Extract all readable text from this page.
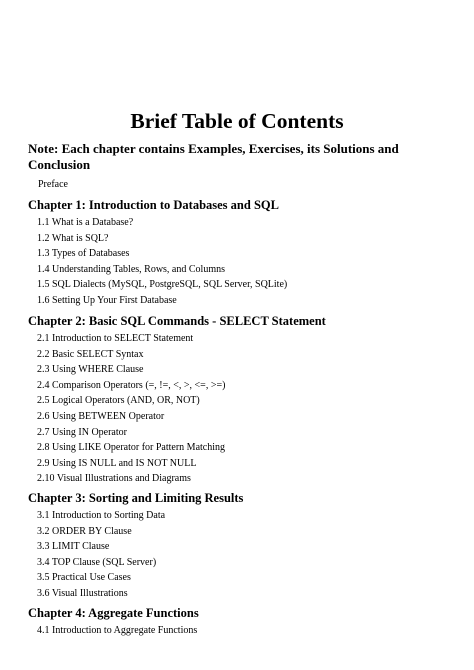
Brief Table of Contents
Note: Each chapter contains Examples, Exercises, its Solutions and Conclusion
Preface
Chapter 1: Introduction to Databases and SQL
1.1 What is a Database?
1.2 What is SQL?
1.3 Types of Databases
1.4 Understanding Tables, Rows, and Columns
1.5 SQL Dialects (MySQL, PostgreSQL, SQL Server, SQLite)
1.6 Setting Up Your First Database
Chapter 2: Basic SQL Commands - SELECT Statement
2.1 Introduction to SELECT Statement
2.2 Basic SELECT Syntax
2.3 Using WHERE Clause
2.4 Comparison Operators (=, !=, <, >, <=, >=)
2.5 Logical Operators (AND, OR, NOT)
2.6 Using BETWEEN Operator
2.7 Using IN Operator
2.8 Using LIKE Operator for Pattern Matching
2.9 Using IS NULL and IS NOT NULL
2.10 Visual Illustrations and Diagrams
Chapter 3: Sorting and Limiting Results
3.1 Introduction to Sorting Data
3.2 ORDER BY Clause
3.3 LIMIT Clause
3.4 TOP Clause (SQL Server)
3.5 Practical Use Cases
3.6 Visual Illustrations
Chapter 4: Aggregate Functions
4.1 Introduction to Aggregate Functions
